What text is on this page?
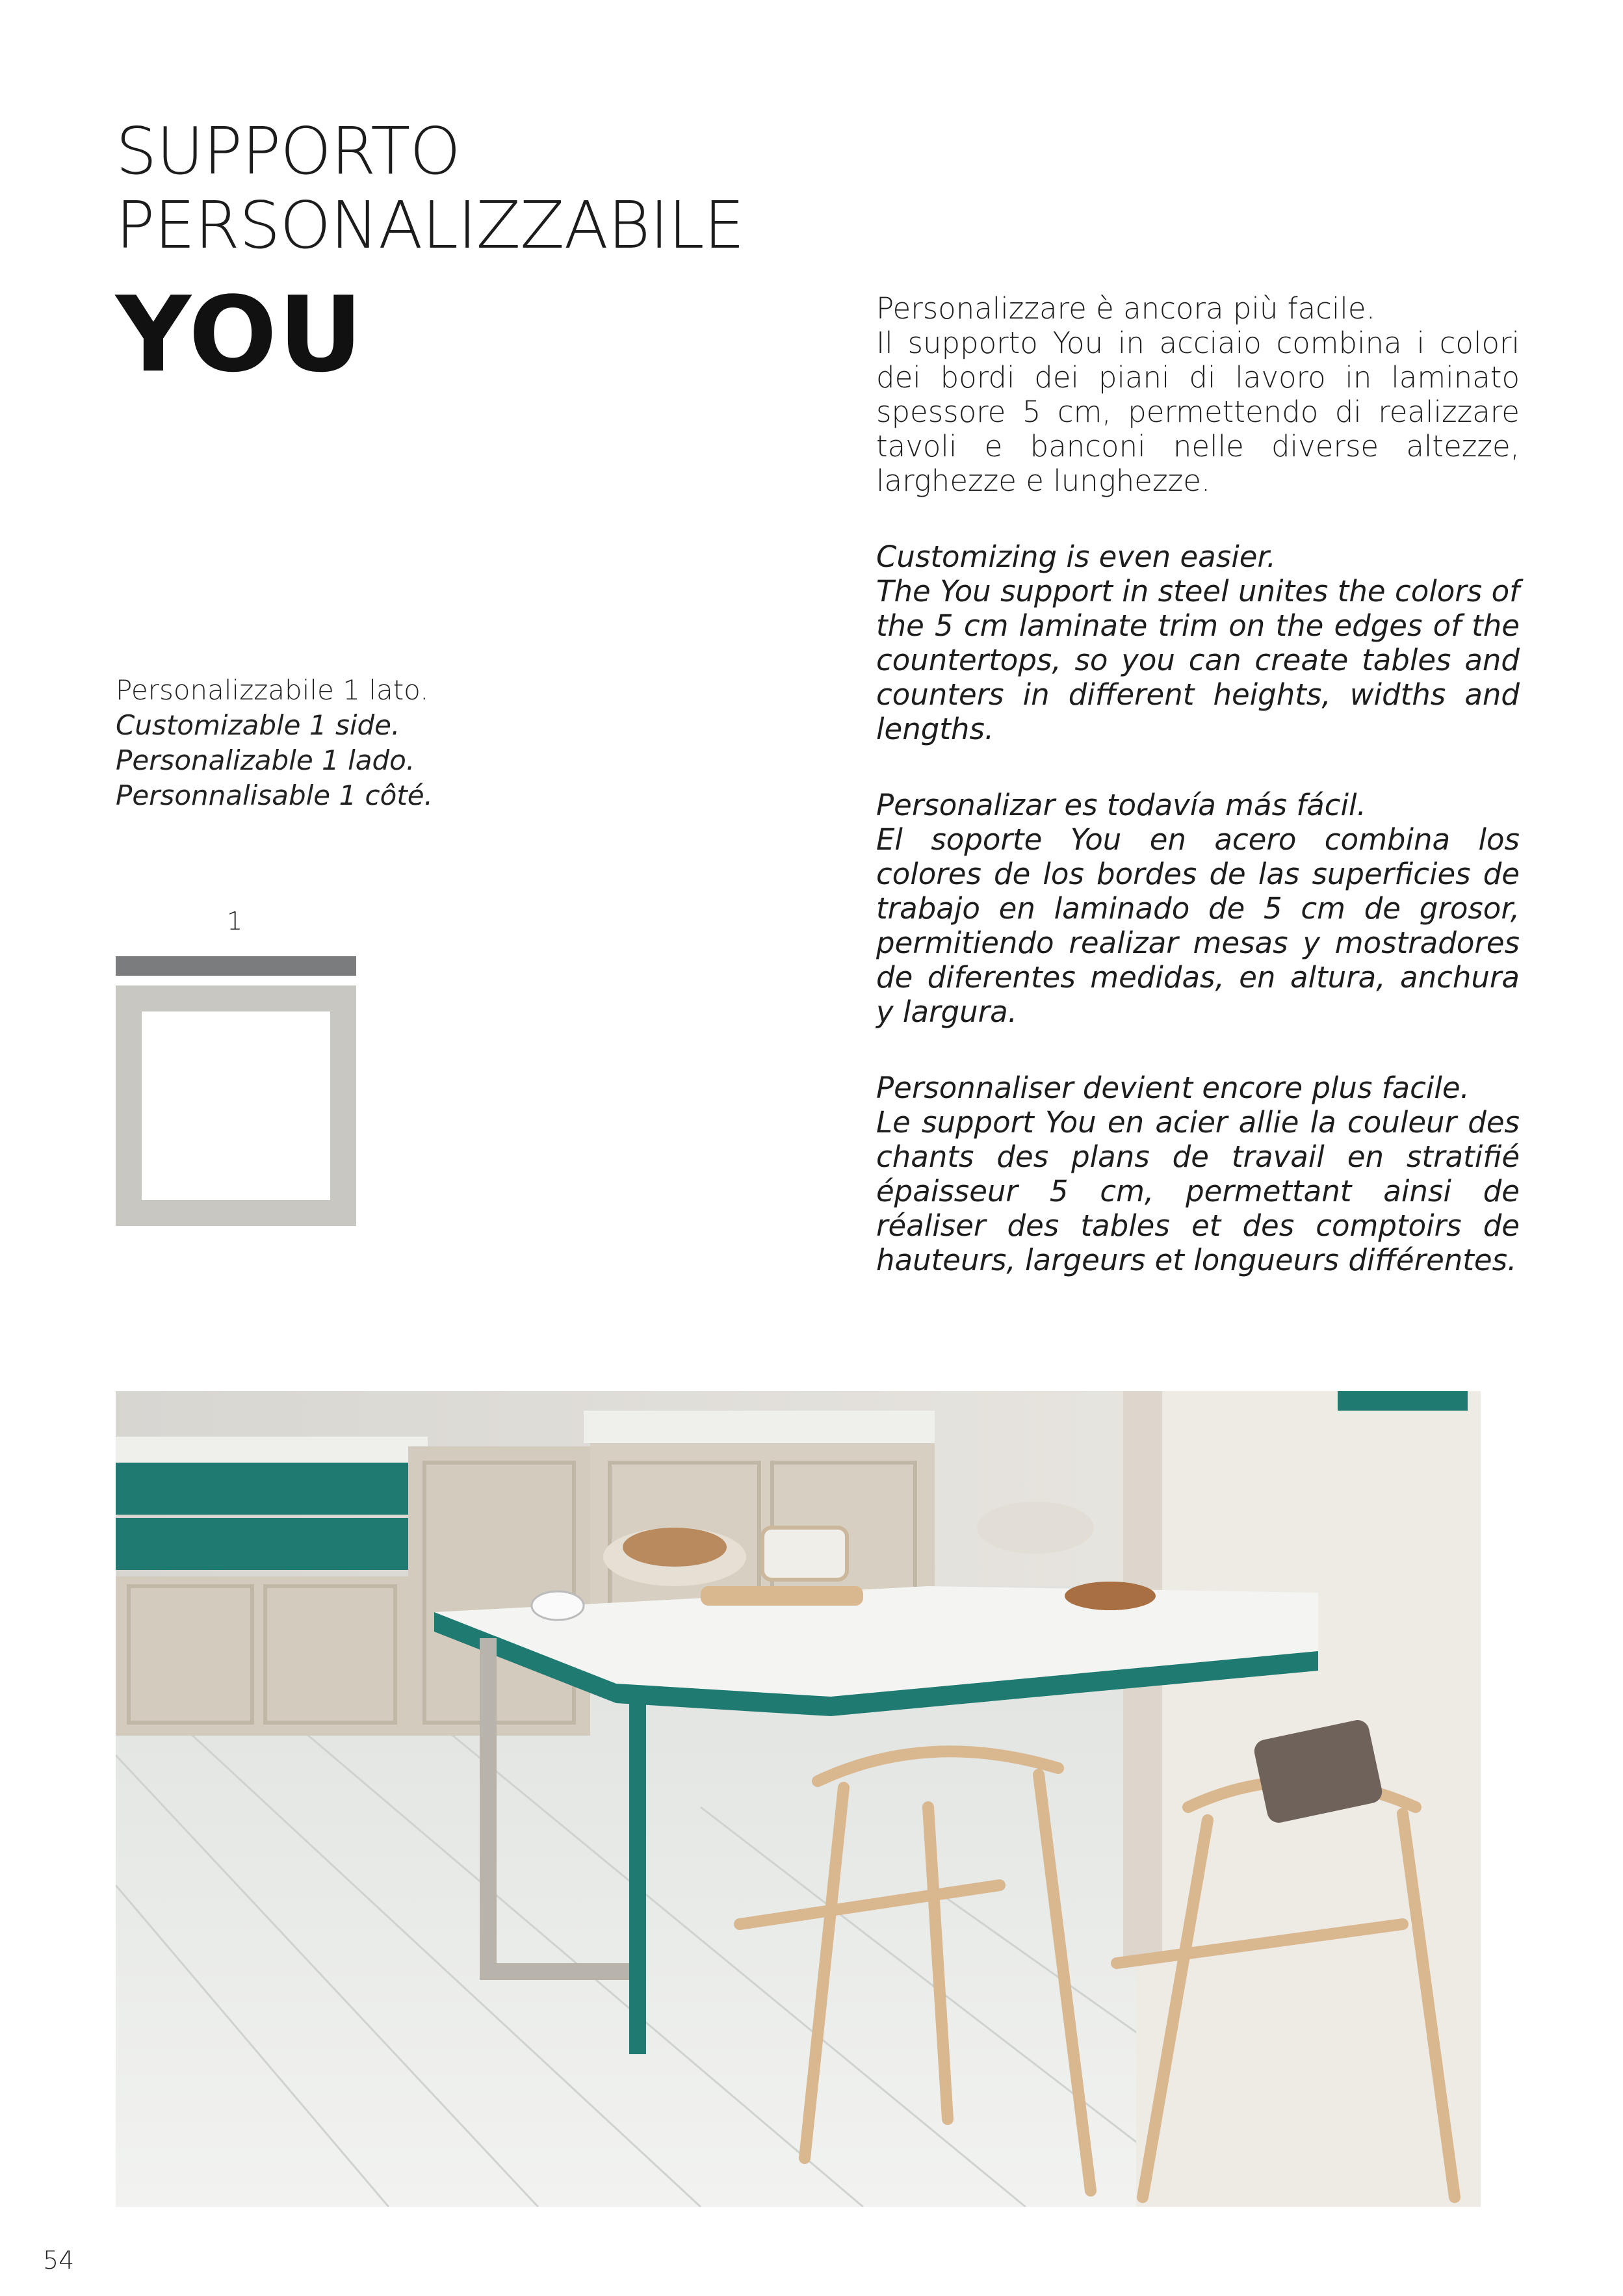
SUPPORTO
PERSONALIZZABILE
YOU
Personalizzabile 1 lato.
Customizable 1 side.
Personalizable 1 lado.
Personnalisable 1 côté.
1
Personalizzare è ancora più facile.
Il supporto You in acciaio combina i colori dei bordi dei piani di lavoro in laminato spessore 5 cm, permettendo di realizzare tavoli e banconi nelle diverse altezze, larghezze e lunghezze.
Customizing is even easier.
The You support in steel unites the colors of the 5 cm laminate trim on the edges of the countertops, so you can create tables and counters in different heights, widths and lengths.
Personalizar es todavía más fácil.
El soporte You en acero combina los colores de los bordes de las superficies de trabajo en laminado de 5 cm de grosor, permitiendo realizar mesas y mostradores de diferentes medidas, en altura, anchura y largura.
Personnaliser devient encore plus facile.
Le support You en acier allie la couleur des chants des plans de travail en stratifié épaisseur 5 cm, permettant ainsi de réaliser des tables et des comptoirs de hauteurs, largeurs et longueurs différentes.
54
